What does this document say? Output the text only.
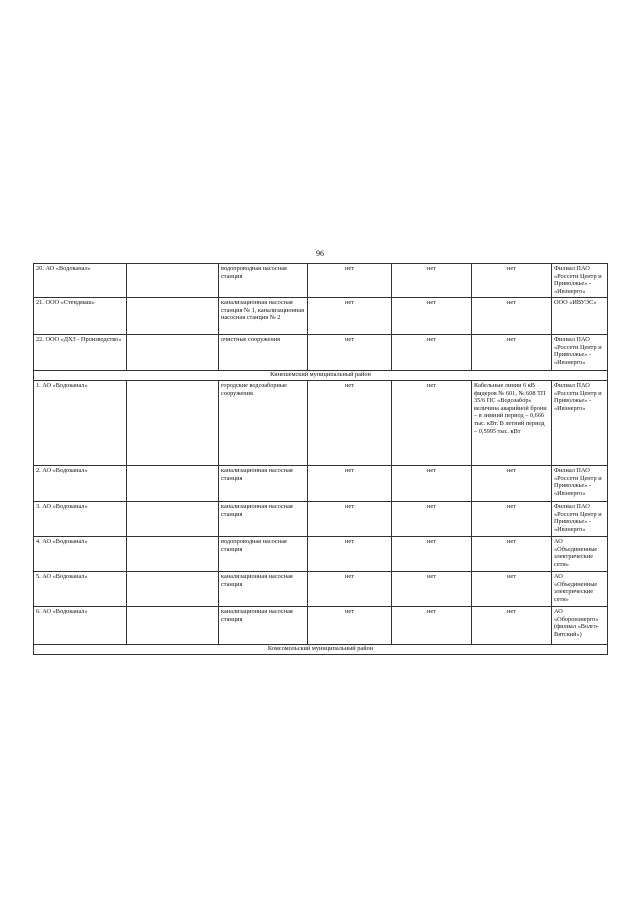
96
20. АО «Водоканал»		водопроводная насосная станция	нет	нет	нет	Филиал ПАО «Россети Центр и Приволжье» - «Ивэнерго»
21. ООО «Стендмаш»		канализационная насосная станция № 1, канализационная насосная станция № 2	нет	нет	нет	ООО «ИВУЭС»
22. ООО «ДХЗ - Производство»		очистные сооружения	нет	нет	нет	Филиал ПАО «Россети Центр и Приволжье» - «Ивэнерго»
Кинешемский муниципальный район						
1. АО «Водоканал»		городские водозаборные сооружения	нет	нет	Кабельные линии 6 кВ фидеров № 601, № 608 ТП 35/6 ПС «Водозабор» величина аварийной брони – в зимний период – 0,666 тыс. кВт. В летний период – 0,5995 тыс. кВт	Филиал ПАО «Россети Центр и Приволжье» - «Ивэнерго»
2. АО «Водоканал»		канализационная насосная станция	нет	нет	нет	Филиал ПАО «Россети Центр и Приволжье» - «Ивэнерго»
3. АО «Водоканал»		канализационная насосная станция	нет	нет	нет	Филиал ПАО «Россети Центр и Приволжье» - «Ивэнерго»
4. АО «Водоканал»		водопроводная насосная станция	нет	нет	нет	АО «Объединенные электрические сети»
5. АО «Водоканал»		канализационная насосная станция	нет	нет	нет	АО «Объединенные электрические сети»
6. АО «Водоканал»		канализационная насосная станция	нет	нет	нет	АО «Оборонэнерго» (филиал «Волго-Вятский»)
Комсомольский муниципальный район						
